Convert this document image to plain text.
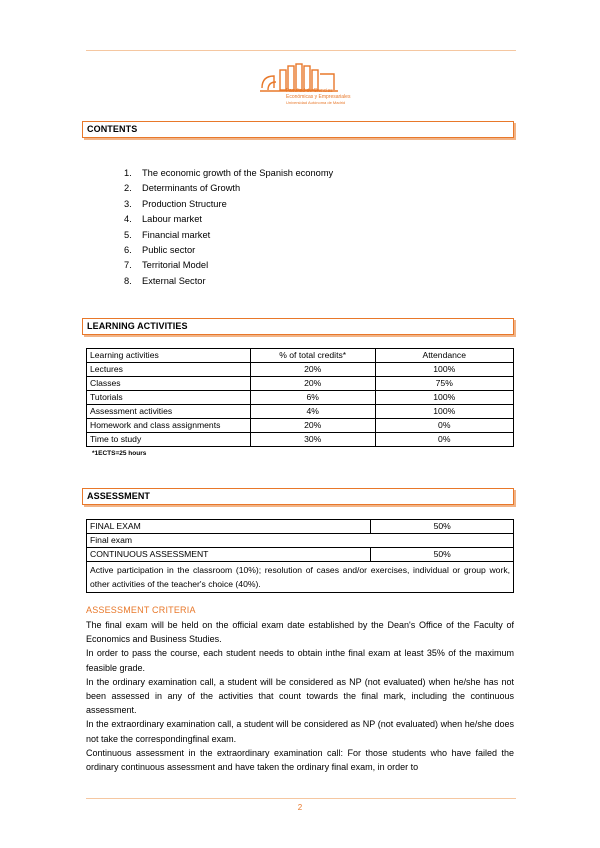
Facultad de Ciencias
Económicas y Empresariales
Universidad Autónoma de Madrid
CONTENTS
1. The economic growth of the Spanish economy
2. Determinants of Growth
3. Production Structure
4. Labour market
5. Financial market
6. Public sector
7. Territorial Model
8. External Sector
LEARNING ACTIVITIES
Learning activities	% of total credits*	Attendance
Lectures	20%	100%
Classes	20%	75%
Tutorials	6%	100%
Assessment activities	4%	100%
Homework and class assignments	20%	0%
Time to study	30%	0%
*1ECTS=25 hours
ASSESSMENT
FINAL EXAM	50%
Final exam	
CONTINUOUS ASSESSMENT	50%
Active participation in the classroom (10%); resolution of cases and/or exercises, individual or group work, other activities of the teacher's choice (40%).	
ASSESSMENT CRITERIA

The final exam will be held on the official exam date established by the Dean's Office of the Faculty of Economics and Business Studies.

In order to pass the course, each student needs to obtain inthe final exam at least 35% of the maximum feasible grade.

In the ordinary examination call, a student will be considered as NP (not evaluated) when he/she has not been assessed in any of the activities that count towards the final mark, including the continuous assessment.

In the extraordinary examination call, a student will be considered as NP (not evaluated) when he/she does not take the correspondingfinal exam.

Continuous assessment in the extraordinary examination call: For those students who have failed the ordinary continuous assessment and have taken the ordinary final exam, in order to

2
